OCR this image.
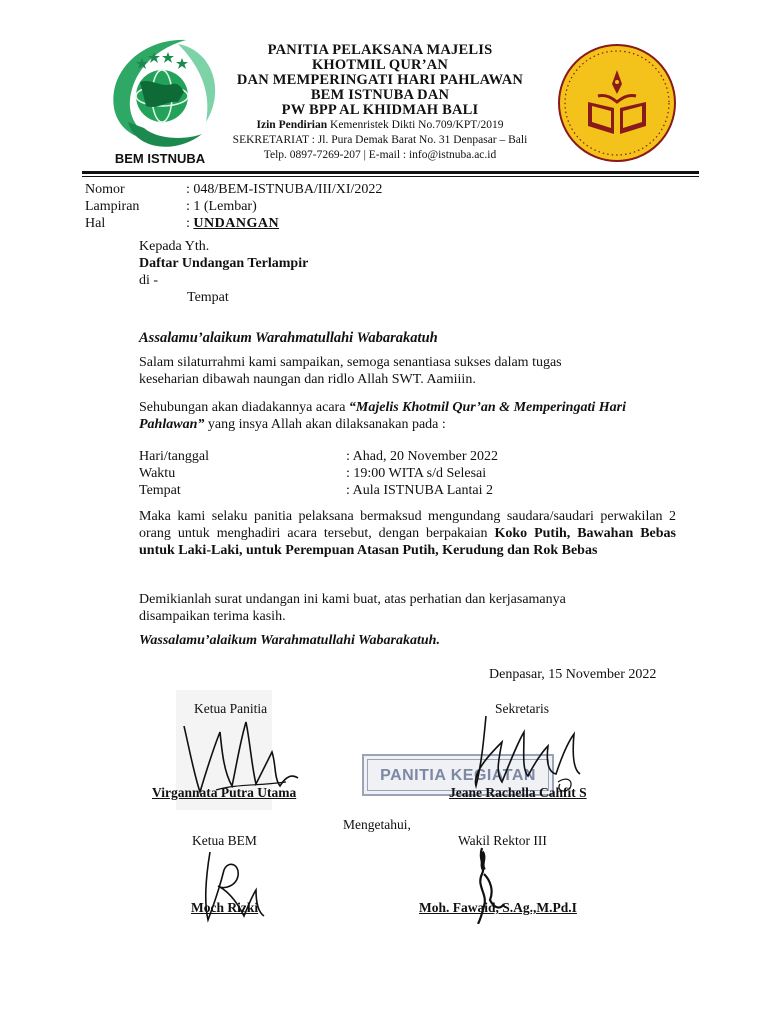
BEM ISTNUBA
PANITIA PELAKSANA MAJELIS
KHOTMIL QUR’AN
DAN MEMPERINGATI HARI PAHLAWAN
BEM ISTNUBA DAN
PW BPP AL KHIDMAH BALI
Izin Pendirian Kemenristek Dikti No.709/KPT/2019
SEKRETARIAT : Jl. Pura Demak Barat No. 31 Denpasar – Bali
Telp. 0897-7269-207 | E-mail : info@istnuba.ac.id
Nomor	: 048/BEM-ISTNUBA/III/XI/2022
Lampiran	: 1 (Lembar)
Hal	: UNDANGAN
Kepada Yth.
Daftar Undangan Terlampir
di -
Tempat
Assalamu’alaikum Warahmatullahi Wabarakatuh
Salam silaturrahmi kami sampaikan, semoga senantiasa sukses dalam tugas keseharian dibawah naungan dan ridlo Allah SWT. Aamiiin.
Sehubungan akan diadakannya acara “Majelis Khotmil Qur’an & Memperingati Hari Pahlawan” yang insya Allah akan dilaksanakan pada :
Hari/tanggal	: Ahad, 20 November 2022
Waktu	: 19:00 WITA s/d Selesai
Tempat	: Aula ISTNUBA Lantai 2
Maka kami selaku panitia pelaksana bermaksud mengundang saudara/saudari perwakilan 2 orang untuk menghadiri acara tersebut, dengan berpakaian Koko Putih, Bawahan Bebas untuk Laki-Laki, untuk Perempuan Atasan Putih, Kerudung dan Rok Bebas
Demikianlah surat undangan ini kami buat, atas perhatian dan kerjasamanya disampaikan terima kasih.
Wassalamu’alaikum Warahmatullahi Wabarakatuh.
Denpasar, 15 November 2022
Ketua Panitia	Sekretaris
PANITIA KEGIATAN
Virgannata Putra Utama	Jeane Rachella Cahfit S
Mengetahui,
Ketua BEM	Wakil Rektor III
Moch Rizki	Moh. Fawaid, S.Ag.,M.Pd.I
